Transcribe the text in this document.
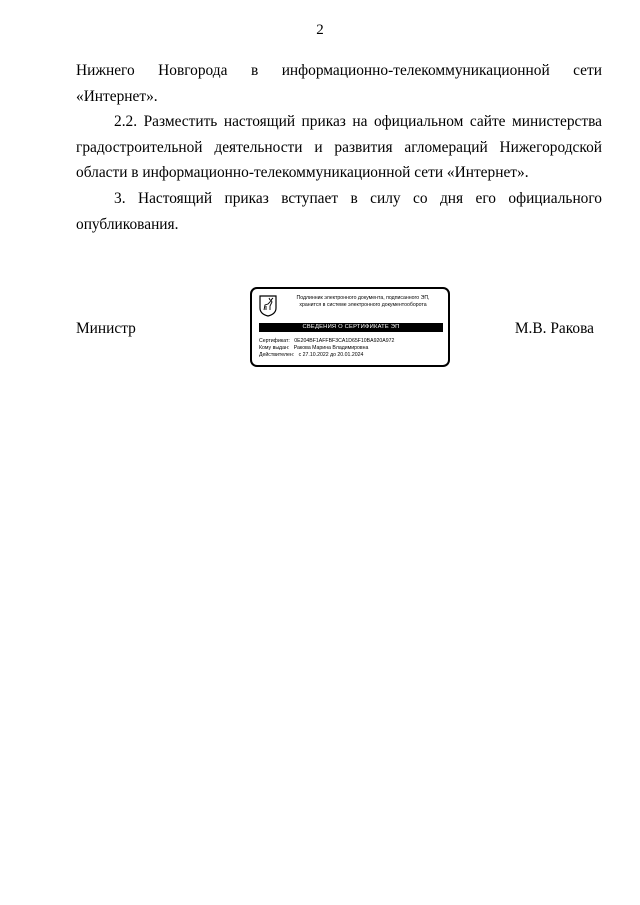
2
Нижнего Новгорода в информационно-телекоммуникационной сети

«Интернет».

2.2. Разместить настоящий приказ на официальном сайте министерства градостроительной деятельности и развития агломераций Нижегородской области в информационно-телекоммуникационной сети «Интернет».

3. Настоящий приказ вступает в силу со дня его официального опубликования.

Министр	М.В. Ракова
Подлинник электронного документа, подписанного ЭП,
хранится в системе электронного документооборота
СВЕДЕНИЯ О СЕРТИФИКАТЕ ЭП
Сертификат: 0E204BF1AFFBF3CA1D65F10BA920A972
Кому выдан: Ракова Марина Владимировна
Действителен: с 27.10.2022 до 20.01.2024
